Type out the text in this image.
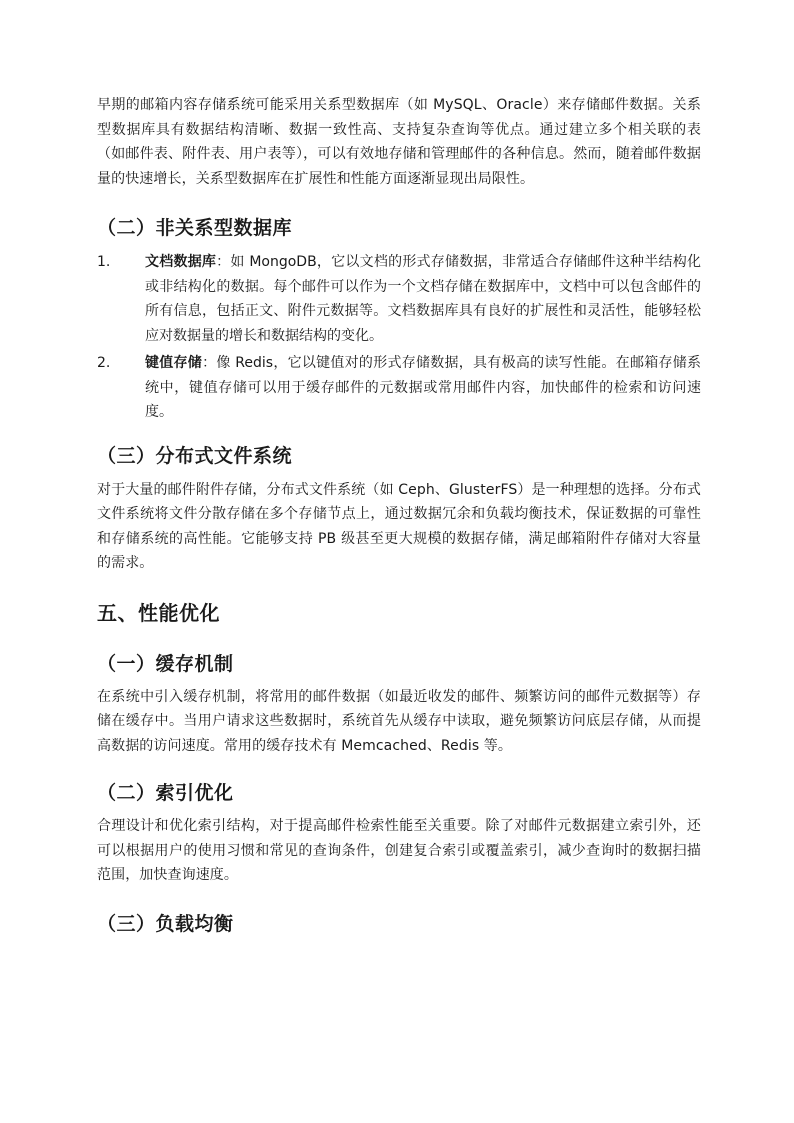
早期的邮箱内容存储系统可能采用关系型数据库（如 MySQL、Oracle）来存储邮件数据。关系型数据库具有数据结构清晰、数据一致性高、支持复杂查询等优点。通过建立多个相关联的表（如邮件表、附件表、用户表等），可以有效地存储和管理邮件的各种信息。然而，随着邮件数据量的快速增长，关系型数据库在扩展性和性能方面逐渐显现出局限性。

（二）非关系型数据库
1. 文档数据库：如 MongoDB，它以文档的形式存储数据，非常适合存储邮件这种半结构化或非结构化的数据。每个邮件可以作为一个文档存储在数据库中，文档中可以包含邮件的所有信息，包括正文、附件元数据等。文档数据库具有良好的扩展性和灵活性，能够轻松应对数据量的增长和数据结构的变化。
2. 键值存储：像 Redis，它以键值对的形式存储数据，具有极高的读写性能。在邮箱存储系统中，键值存储可以用于缓存邮件的元数据或常用邮件内容，加快邮件的检索和访问速度。
（三）分布式文件系统

对于大量的邮件附件存储，分布式文件系统（如 Ceph、GlusterFS）是一种理想的选择。分布式文件系统将文件分散存储在多个存储节点上，通过数据冗余和负载均衡技术，保证数据的可靠性和存储系统的高性能。它能够支持 PB 级甚至更大规模的数据存储，满足邮箱附件存储对大容量的需求。

五、性能优化
（一）缓存机制

在系统中引入缓存机制，将常用的邮件数据（如最近收发的邮件、频繁访问的邮件元数据等）存储在缓存中。当用户请求这些数据时，系统首先从缓存中读取，避免频繁访问底层存储，从而提高数据的访问速度。常用的缓存技术有 Memcached、Redis 等。

（二）索引优化

合理设计和优化索引结构，对于提高邮件检索性能至关重要。除了对邮件元数据建立索引外，还可以根据用户的使用习惯和常见的查询条件，创建复合索引或覆盖索引，减少查询时的数据扫描范围，加快查询速度。

（三）负载均衡
